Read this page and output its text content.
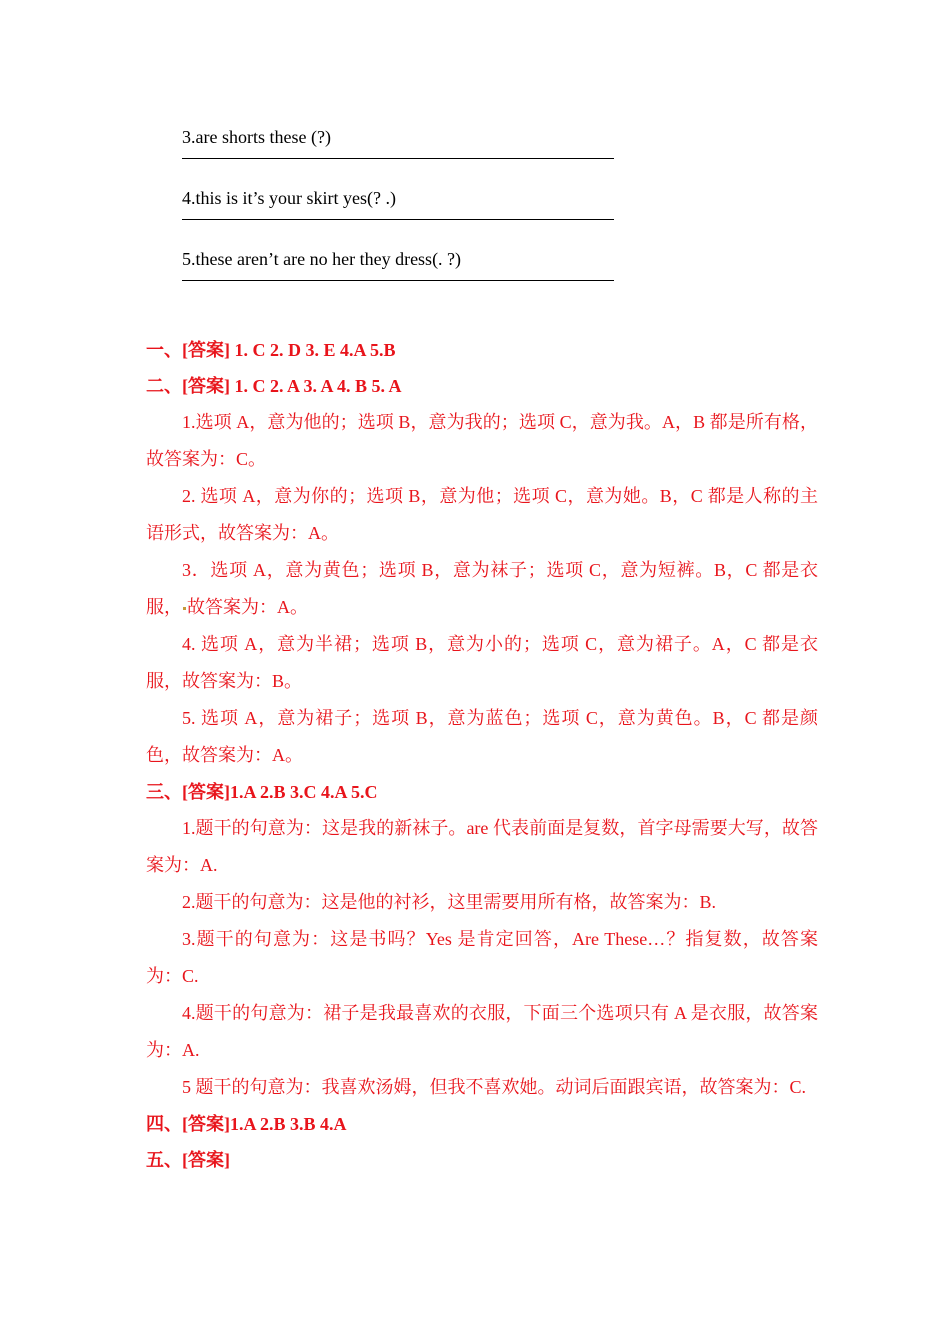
3.are shorts these (?)
4.this is it’s your skirt yes(? .)
5.these aren’t are no her they dress(. ?)
一、[答案] 1. C 2. D 3. E 4.A 5.B
二、[答案] 1. C 2. A 3. A 4. B 5. A
1.选项 A，意为他的；选项 B，意为我的；选项 C，意为我。A，B 都是所有格，故答案为：C。
2. 选项 A，意为你的；选项 B，意为他；选项 C，意为她。B，C 都是人称的主语形式，故答案为：A。
3．选项 A，意为黄色；选项 B，意为袜子；选项 C，意为短裤。B，C 都是衣服， 故答案为：A。
4. 选项 A，意为半裙；选项 B，意为小的；选项 C，意为裙子。A，C 都是衣服，故答案为：B。
5. 选项 A，意为裙子；选项 B，意为蓝色；选项 C，意为黄色。B，C 都是颜色，故答案为：A。
三、[答案]1.A 2.B 3.C 4.A 5.C
1.题干的句意为：这是我的新袜子。are 代表前面是复数，首字母需要大写，故答案为：A.
2.题干的句意为：这是他的衬衫，这里需要用所有格，故答案为：B.
3.题干的句意为：这是书吗？Yes 是肯定回答，Are These…？指复数，故答案为：C.
4.题干的句意为：裙子是我最喜欢的衣服，下面三个选项只有 A 是衣服，故答案为：A.
5 题干的句意为：我喜欢汤姆，但我不喜欢她。动词后面跟宾语，故答案为：C.
四、[答案]1.A 2.B 3.B 4.A
五、[答案]
